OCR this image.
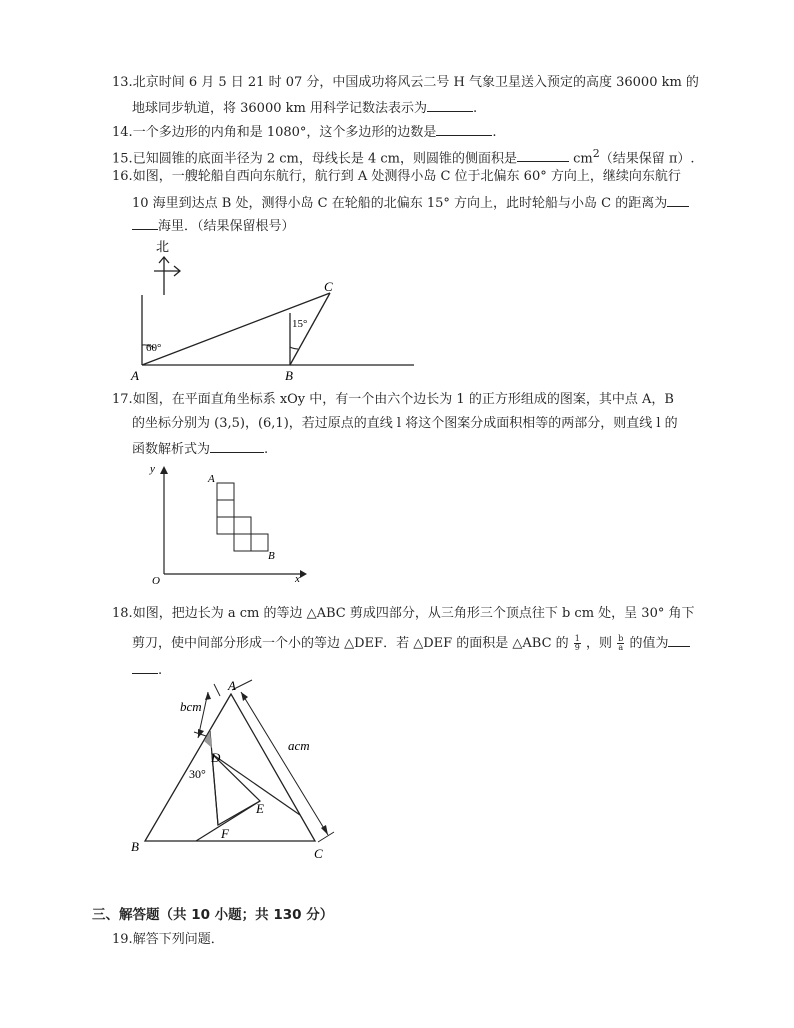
13.北京时间 6 月 5 日 21 时 07 分，中国成功将风云二号 H 气象卫星送入预定的高度 36000 km 的
地球同步轨道，将 36000 km 用科学记数法表示为	.
14.一个多边形的内角和是 1080°，这个多边形的边数是	.
15.已知圆锥的底面半径为 2 cm，母线长是 4 cm，则圆锥的侧面积是	$cm^2$（结果保留 π）.
16.如图，一艘轮船自西向东航行，航行到 A 处测得小岛 C 位于北偏东 60° 方向上，继续向东航行
10 海里到达点 B 处，测得小岛 C 在轮船的北偏东 15° 方向上，此时轮船与小岛 C 的距离为
海里．（结果保留根号）
北
60°
15°
A	B
C
17.如图，在平面直角坐标系 xOy 中，有一个由六个边长为 1 的正方形组成的图案，其中点 A，B
的坐标分别为 (3,5)，(6,1)，若过原点的直线 l 将这个图案分成面积相等的两部分，则直线 l 的
函数解析式为	.
y
x
O
A
B
18.如图，把边长为 a cm 的等边 △ABC 剪成四部分，从三角形三个顶点往下 b cm 处，呈 30° 角下
剪刀，使中间部分形成一个小的等边 △DEF．若 △DEF 的面积是 △ABC 的 $\frac{1}{9}$ ，则 $\frac{b}{a}$ 的值为
.
A
B	C
D
E
F
bcm
acm
30°
三、解答题（共 10 小题；共 130 分）
19.解答下列问题．
